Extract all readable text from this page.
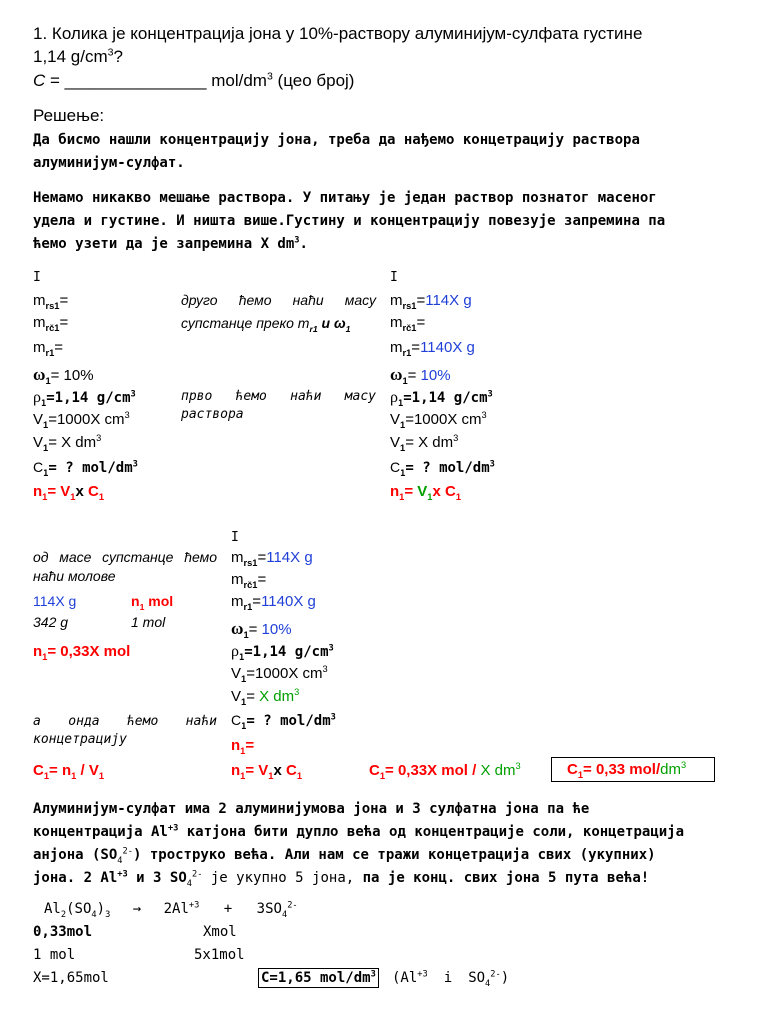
1. Колика је концентрација јона у 10%-раствору алуминијум-сулфата густине
1,14 $g/cm^3$?
C = _______________ mol/$dm^3$ (цео број)
Решење:
Да бисмо нашли концентрацију јона, треба да нађемо концетрацију раствора
алуминијум-сулфат.
Немамо никакво мешање раствора. У питању је један раствор познатог масеног
удела и густине. И ништа више.Густину и концентрацију повезује запремина па
ћемо узети да је запремина X $dm^3$.
I
$m_{rs1}=$
$m_{rč1}=$
$m_{r1}=$
$\omega_1= 10\%$
$\rho_1=1,14$ $g/cm^3$
$V_1=1000X$ $cm^3$
$V_1= X$ $dm^3$
$C_1=$ ? mol/$dm^3$
$n_1= V_1x$ $C_1$
друго ћемо наћи масу
супстанце преко $m_{r1}$ и $\omega_1$
прво ћемо наћи масу
раствора
I
$m_{rs1}=114X$ g
$m_{rč1}=$
$m_{r1}=1140X$ g
$\omega_1= 10\%$
$\rho_1=1,14$ $g/cm^3$
$V_1=1000X$ $cm^3$
$V_1= X$ $dm^3$
$C_1=$ ? mol/$dm^3$
$n_1= V_1x$ $C_1$
од масе супстанце ћемо
наћи молове
114X g	$n_1$ mol
342 g	1 mol
$n_1= 0,33X$ mol
а онда ћемо наћи
концетрацију
$C_1= n_1 / V_1$
I
$m_{rs1}=114X$ g
$m_{rč1}=$
$m_{r1}=1140X$ g
$\omega_1= 10\%$
$\rho_1=1,14$ $g/cm^3$
$V_1=1000X$ $cm^3$
$V_1= X$ $dm^3$
$C_1=$ ? mol/$dm^3$
$n_1=$
$n_1= V_1x$ $C_1$	$C_1= 0,33X$ mol / X $dm^3$	$C_1= 0,33$ mol/$dm^3$
Алуминијум-сулфат има 2 алуминијумова јона и 3 сулфатна јона па ће
концентрација $Al^{+3}$ катјона бити дупло већа од концентрације соли, концетрација
анјона $(SO_4^{2-})$ троструко већа. Али нам се тражи концетрација свих (укупних)
јона. 2 $Al^{+3}$ и 3 $SO_4^{2-}$ је укупно 5 јона, па је конц. свих јона 5 пута већа!
$Al_2(SO_4)_3 \to 2Al^{+3} + 3SO_4^{2-}$
0,33mol	Xmol
1 mol	5x1mol
X=1,65mol	C=1,65 mol/$dm^3$ ($Al^{+3}$ i $SO_4^{2-}$)
